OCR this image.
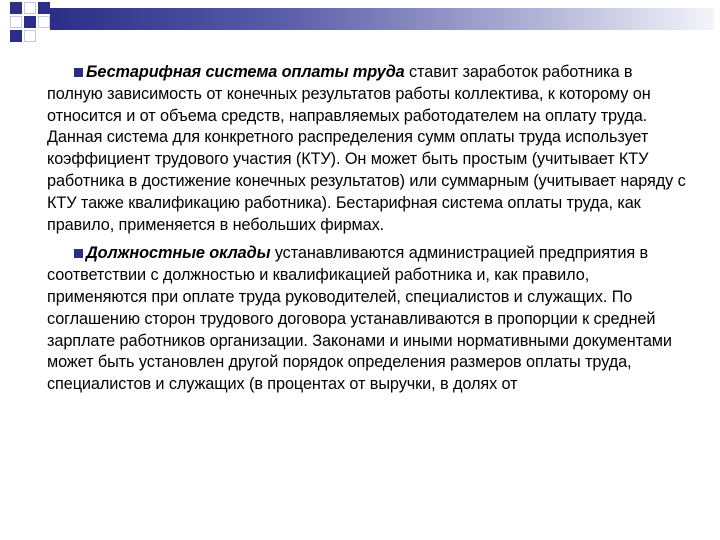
Бестарифная система оплаты труда ставит заработок работника в полную зависимость от конечных результатов работы коллектива, к которому он относится и от объема средств, направляемых работодателем на оплату труда. Данная система для конкретного распределения сумм оплаты труда использует коэффициент трудового участия (КТУ). Он может быть простым (учитывает КТУ работника в достижение конечных результатов) или суммарным (учитывает наряду с КТУ также квалификацию работника). Бестарифная система оплаты труда, как правило, применяется в небольших фирмах.

Должностные оклады устанавливаются администрацией предприятия в соответствии с должностью и квалификацией работника и, как правило, применяются при оплате труда руководителей, специалистов и служащих. По соглашению сторон трудового договора устанавливаются в пропорции к средней зарплате работников организации. Законами и иными нормативными документами может быть установлен другой порядок определения размеров оплаты труда, специалистов и служащих (в процентах от выручки, в долях от
